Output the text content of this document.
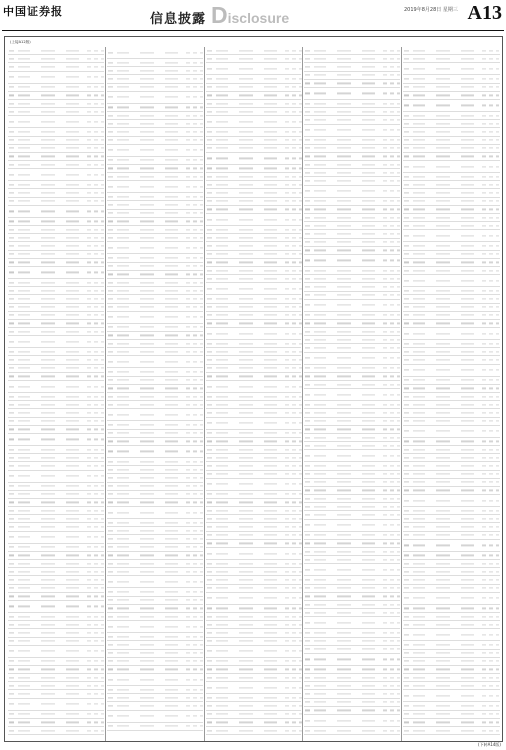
中国证券报
信息披露 Disclosure	2019年8月28日 星期三 A13
(上接A12版)
(下转A14版)
